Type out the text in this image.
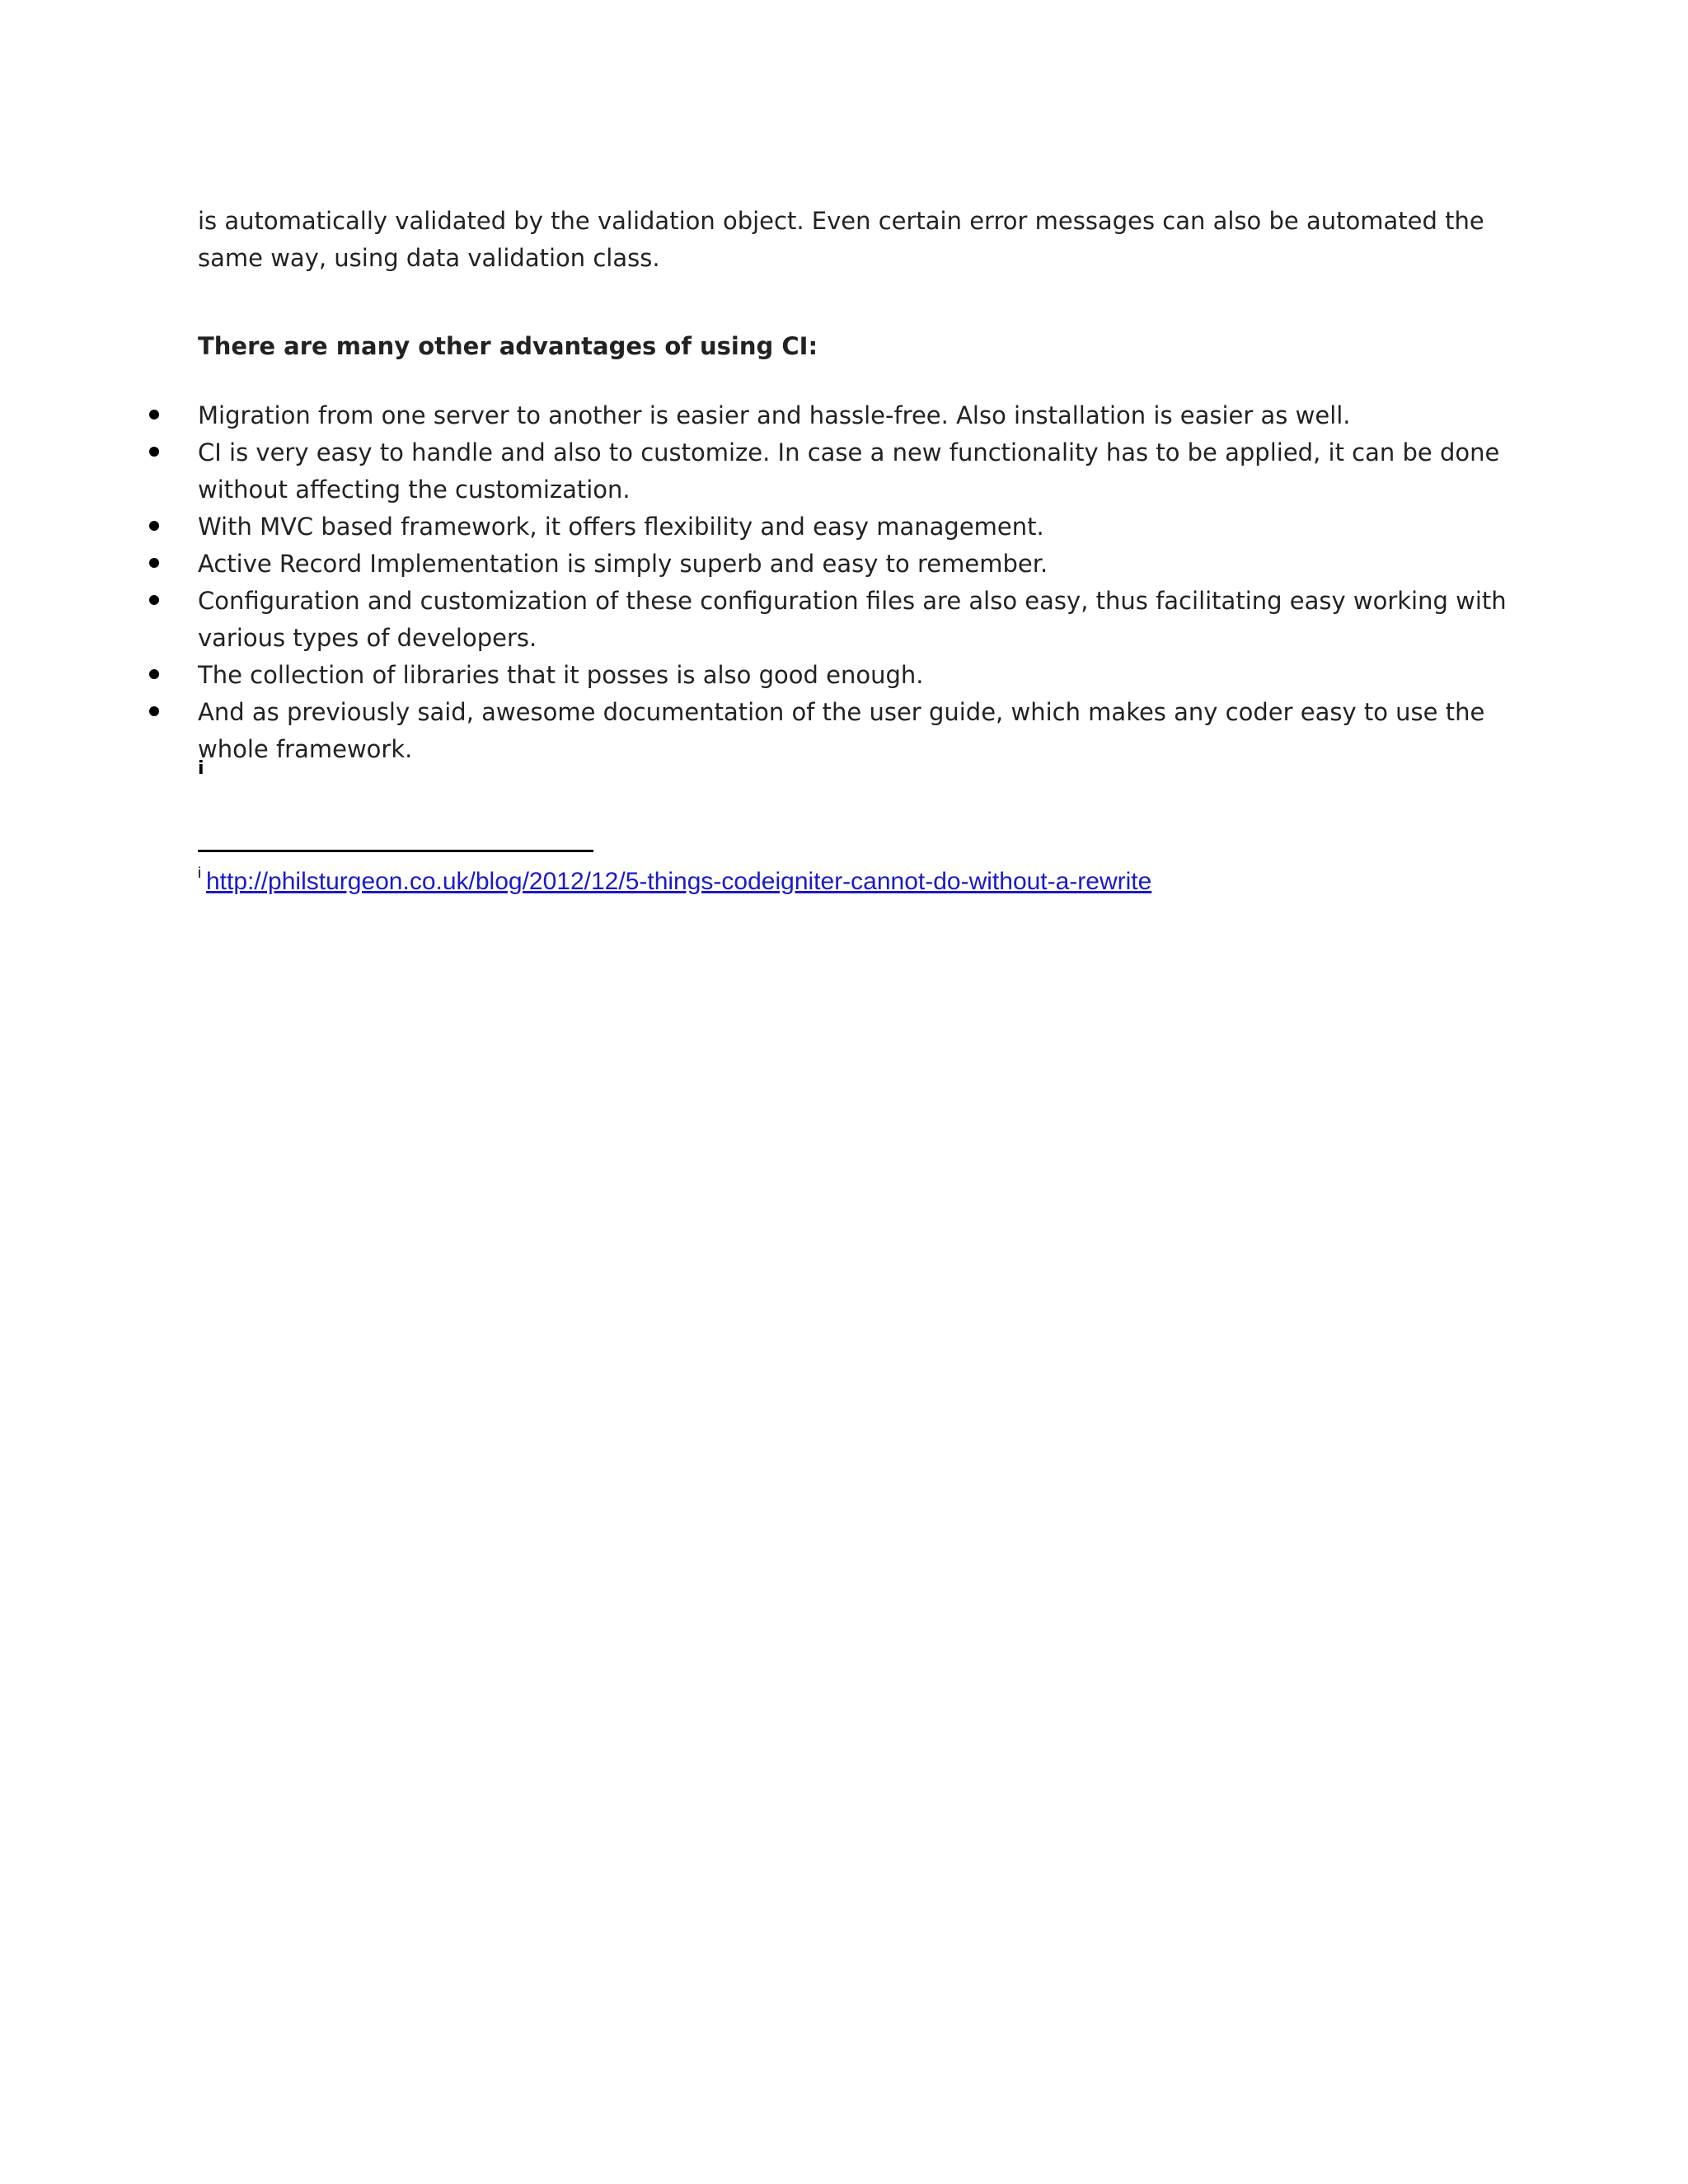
is automatically validated by the validation object. Even certain error messages can also be automated the same way, using data validation class.

There are many other advantages of using CI:

Migration from one server to another is easier and hassle-free. Also installation is easier as well.
CI is very easy to handle and also to customize. In case a new functionality has to be applied, it can be done without affecting the customization.
With MVC based framework, it offers flexibility and easy management.
Active Record Implementation is simply superb and easy to remember.
Configuration and customization of these configuration files are also easy, thus facilitating easy working with various types of developers.
The collection of libraries that it posses is also good enough.
And as previously said, awesome documentation of the user guide, which makes any coder easy to use the whole framework.
i
$^i$ http://philsturgeon.co.uk/blog/2012/12/5-things-codeigniter-cannot-do-without-a-rewrite
